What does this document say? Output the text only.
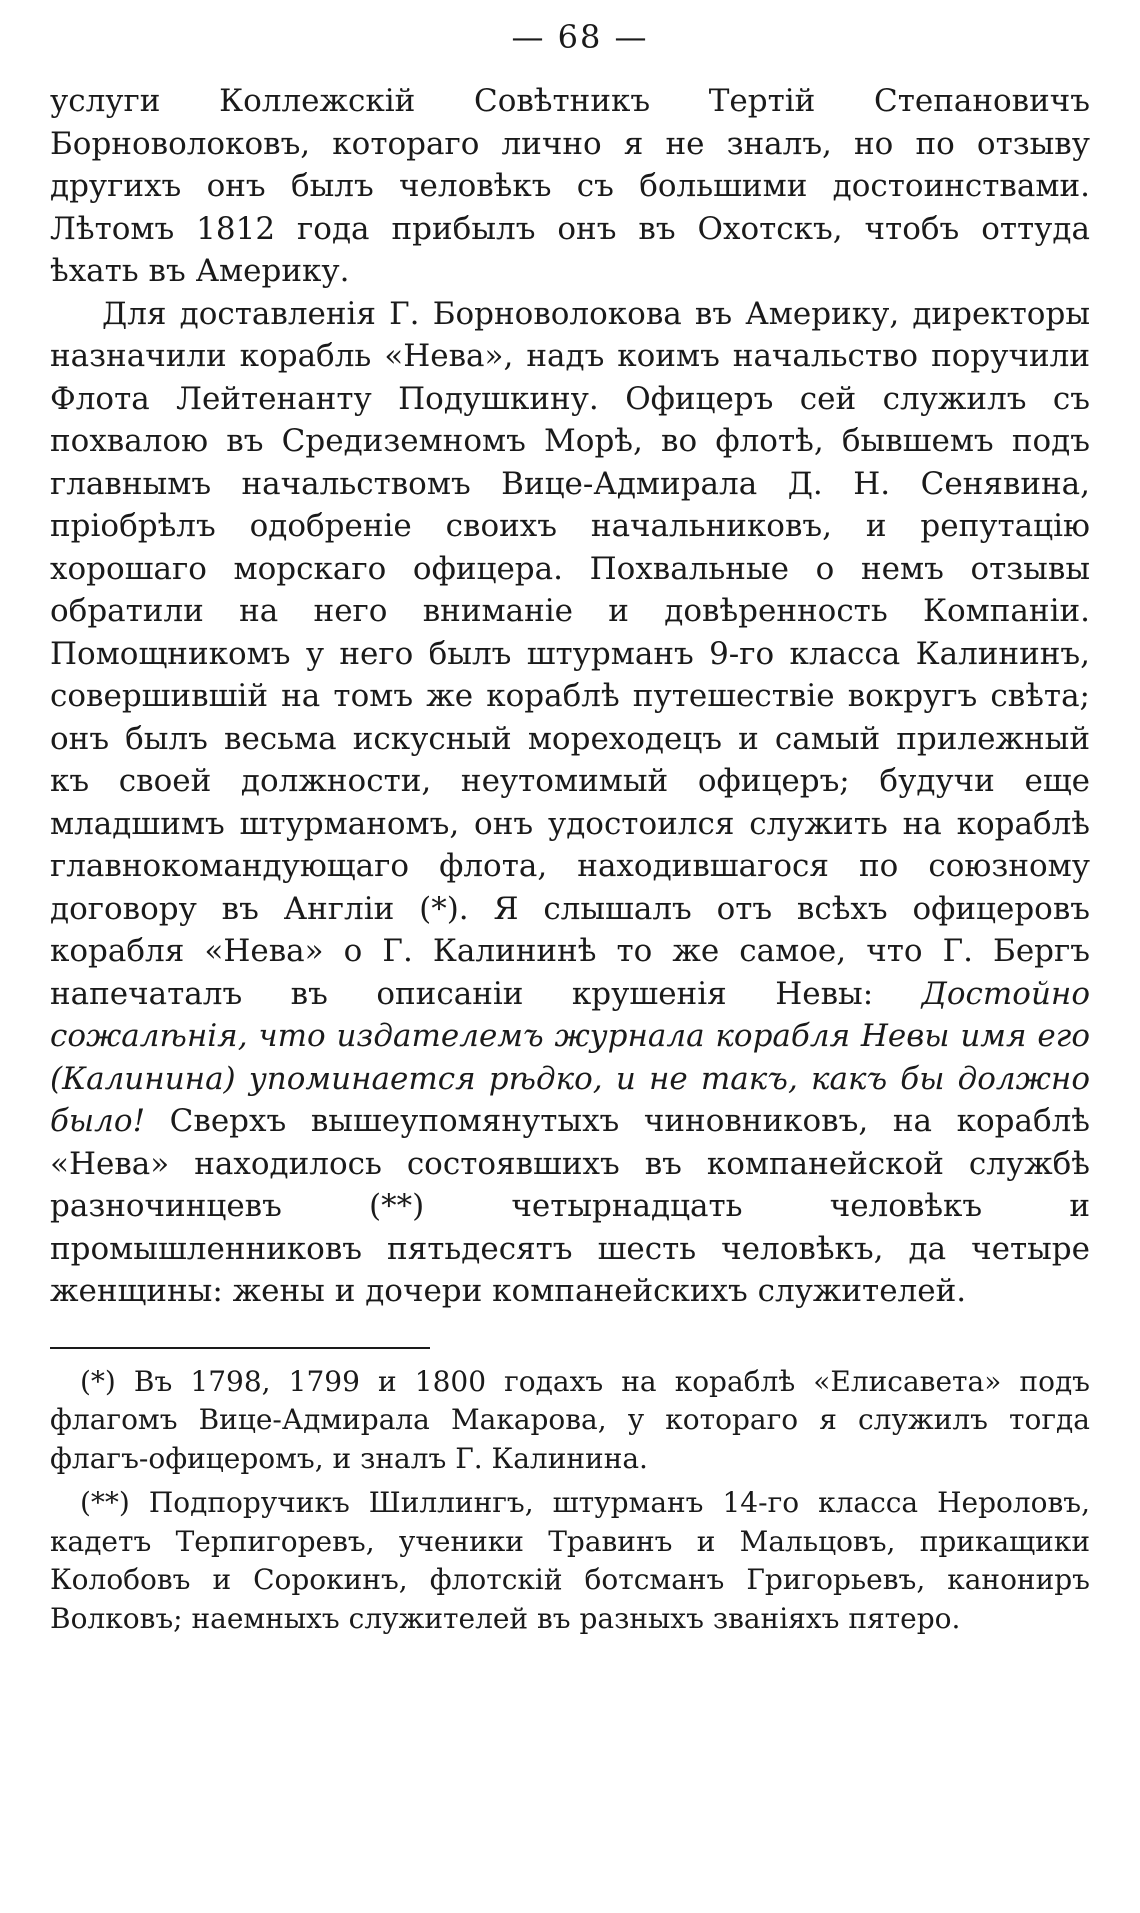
— 68 —

услуги Коллежскій Совѣтникъ Тертій Степановичъ Борноволоковъ, котораго лично я не зналъ, но по отзыву другихъ онъ былъ человѣкъ съ большими достоинствами. Лѣтомъ 1812 года прибылъ онъ въ Охотскъ, чтобъ оттуда ѣхать въ Америку.

Для доставленія Г. Борноволокова въ Америку, директоры назначили корабль «Нева», надъ коимъ начальство поручили Флота Лейтенанту Подушкину. Офицеръ сей служилъ съ похвалою въ Средиземномъ Морѣ, во флотѣ, бывшемъ подъ главнымъ начальствомъ Вице-Адмирала Д. Н. Сенявина, пріобрѣлъ одобреніе своихъ начальниковъ, и репутацію хорошаго морскаго офицера. Похвальные о немъ отзывы обратили на него вниманіе и довѣренность Компаніи. Помощникомъ у него былъ штурманъ 9-го класса Калининъ, совершившій на томъ же кораблѣ путешествіе вокругъ свѣта; онъ былъ весьма искусный мореходецъ и самый прилежный къ своей должности, неутомимый офицеръ; будучи еще младшимъ штурманомъ, онъ удостоился служить на кораблѣ главнокомандующаго флота, находившагося по союзному договору въ Англіи (*). Я слышалъ отъ всѣхъ офицеровъ корабля «Нева» о Г. Калининѣ то же самое, что Г. Бергъ напечаталъ въ описаніи крушенія Невы: Достойно сожалѣнія, что издателемъ журнала корабля Невы имя его (Калинина) упоминается рѣдко, и не такъ, какъ бы должно было! Сверхъ вышеупомянутыхъ чиновниковъ, на кораблѣ «Нева» находилось состоявшихъ въ компанейской службѣ разночинцевъ (**) четырнадцать человѣкъ и промышленниковъ пятьдесятъ шесть человѣкъ, да четыре женщины: жены и дочери компанейскихъ служителей.

(*) Въ 1798, 1799 и 1800 годахъ на кораблѣ «Елисавета» подъ флагомъ Вице-Адмирала Макарова, у котораго я служилъ тогда флагъ-офицеромъ, и зналъ Г. Калинина.

(**) Подпоручикъ Шиллингъ, штурманъ 14-го класса Нероловъ, кадетъ Терпигоревъ, ученики Травинъ и Мальцовъ, прикащики Колобовъ и Сорокинъ, флотскій ботсманъ Григорьевъ, канониръ Волковъ; наемныхъ служителей въ разныхъ званіяхъ пятеро.
